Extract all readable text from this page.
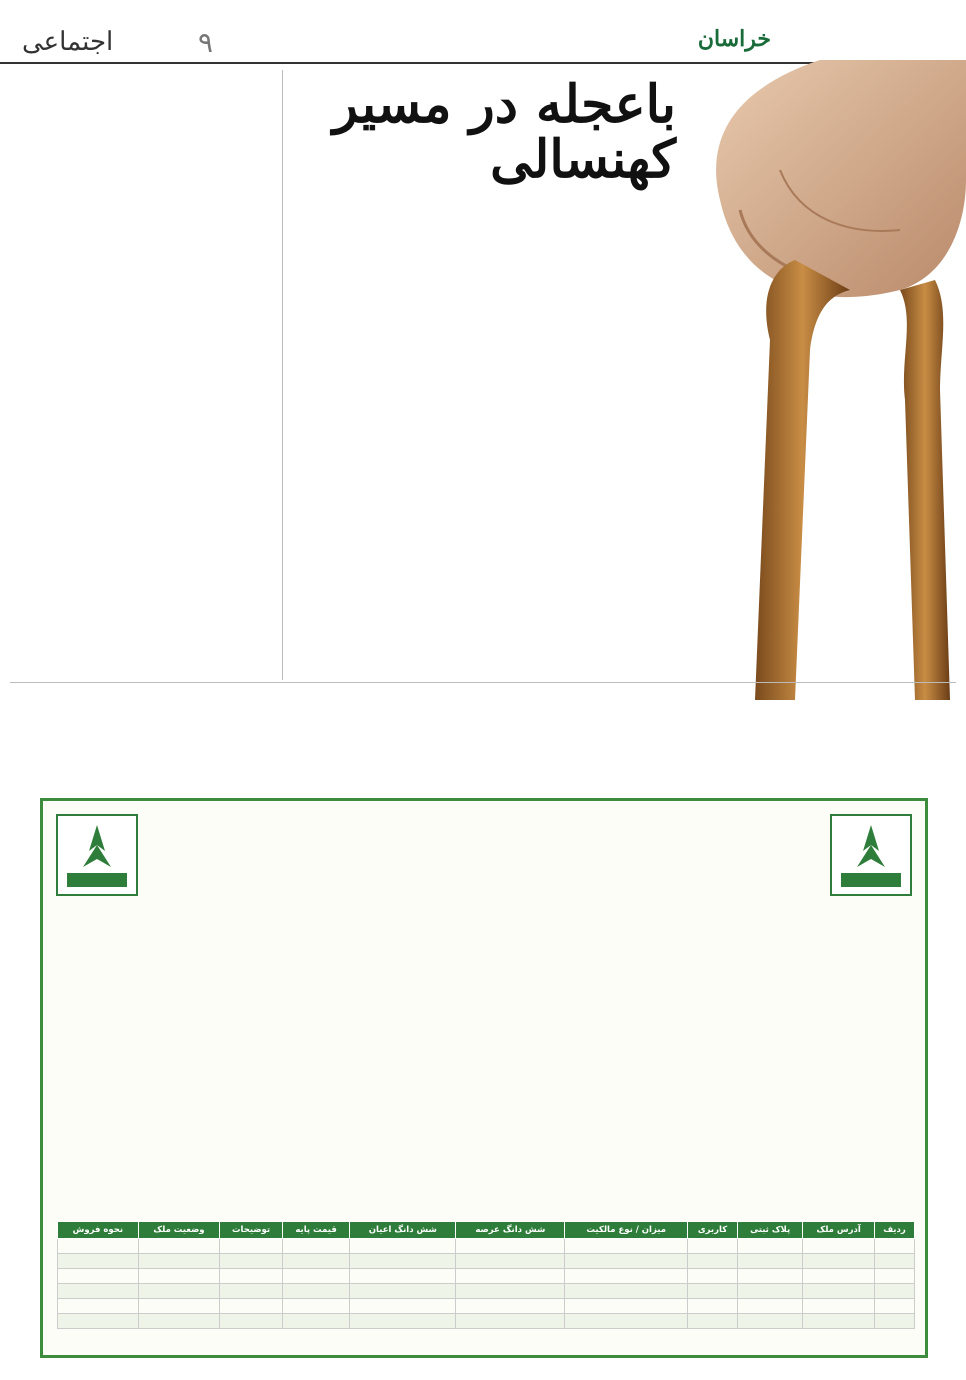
خراسان
۹
اجتماعی
باعجله در مسیر کهنسالی
ردیف	آدرس ملک	پلاک ثبتی	کاربری	میزان / نوع مالکیت	شش دانگ عرصه	شش دانگ اعیان	قیمت پایه	توضیحات	وضعیت ملک	نحوه فروش
